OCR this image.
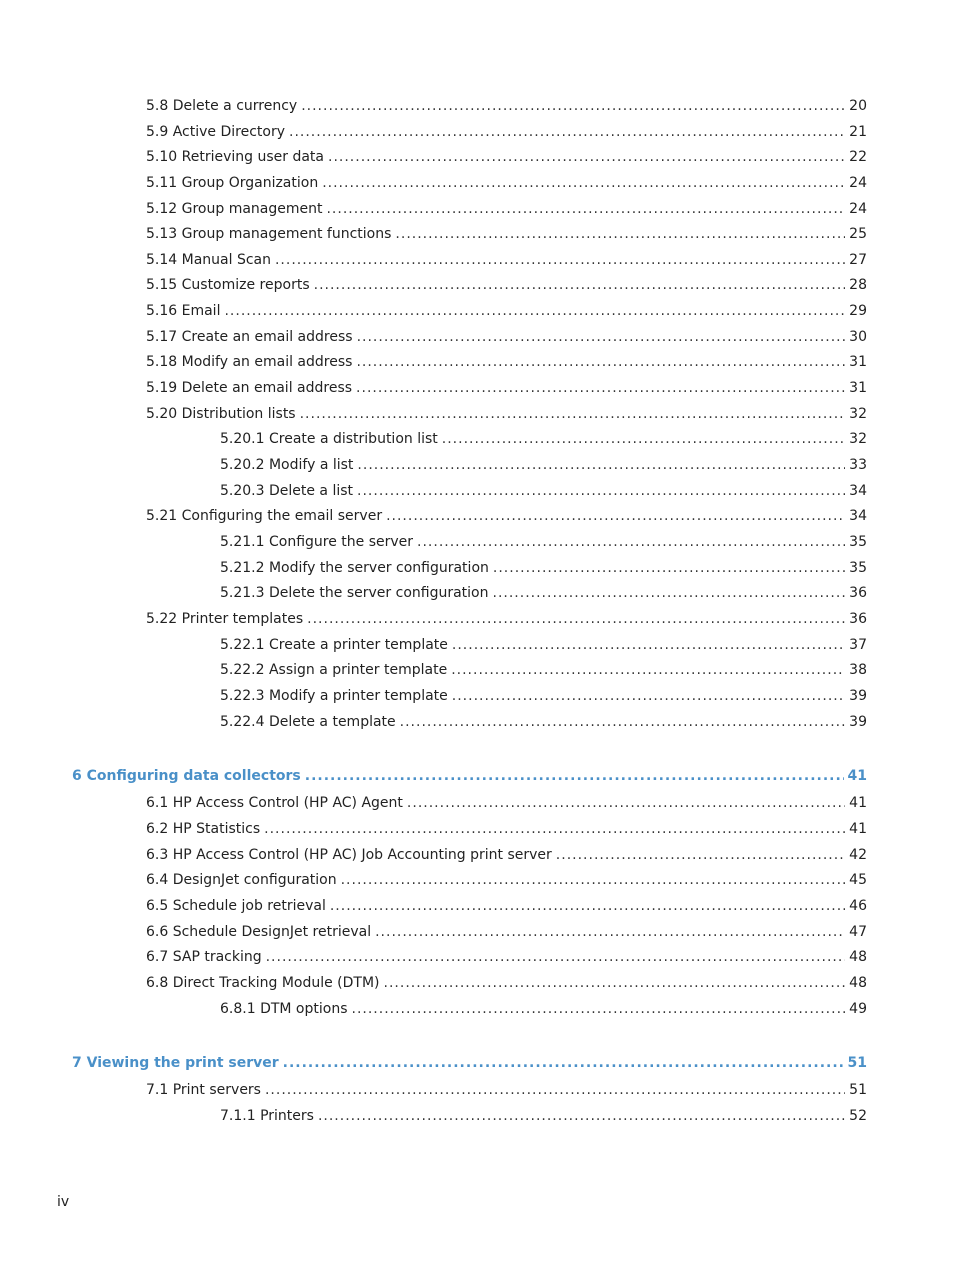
5.8 Delete a currency .....	20
5.9 Active Directory .....	21
5.10 Retrieving user data .....	22
5.11 Group Organization .....	24
5.12 Group management .....	24
5.13 Group management functions .....	25
5.14 Manual Scan .....	27
5.15 Customize reports .....	28
5.16 Email .....	29
5.17 Create an email address .....	30
5.18 Modify an email address .....	31
5.19 Delete an email address .....	31
5.20 Distribution lists .....	32
5.20.1 Create a distribution list .....	32
5.20.2 Modify a list .....	33
5.20.3 Delete a list .....	34
5.21 Configuring the email server .....	34
5.21.1 Configure the server .....	35
5.21.2 Modify the server configuration .....	35
5.21.3 Delete the server configuration .....	36
5.22 Printer templates .....	36
5.22.1 Create a printer template .....	37
5.22.2 Assign a printer template .....	38
5.22.3 Modify a printer template .....	39
5.22.4 Delete a template .....	39
6 Configuring data collectors .....	41
6.1 HP Access Control (HP AC) Agent .....	41
6.2 HP Statistics .....	41
6.3 HP Access Control (HP AC) Job Accounting print server .....	42
6.4 DesignJet configuration .....	45
6.5 Schedule job retrieval .....	46
6.6 Schedule DesignJet retrieval .....	47
6.7 SAP tracking .....	48
6.8 Direct Tracking Module (DTM) .....	48
6.8.1 DTM options .....	49
7 Viewing the print server .....	51
7.1 Print servers .....	51
7.1.1 Printers .....	52
iv
